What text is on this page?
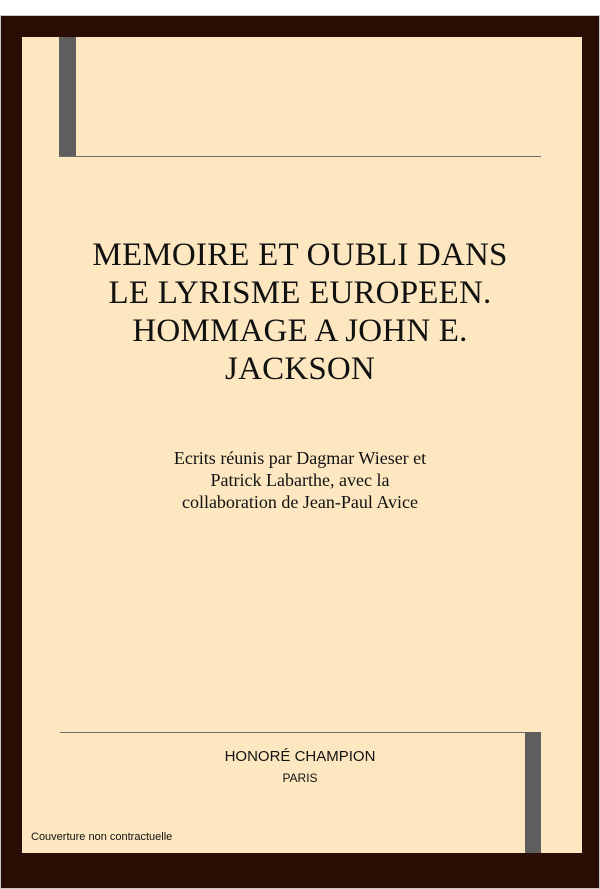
MEMOIRE ET OUBLI DANS
LE LYRISME EUROPEEN.
HOMMAGE A JOHN E.
JACKSON
Ecrits réunis par Dagmar Wieser et
Patrick Labarthe, avec la
collaboration de Jean-Paul Avice
HONORÉ CHAMPION
PARIS
Couverture non contractuelle
